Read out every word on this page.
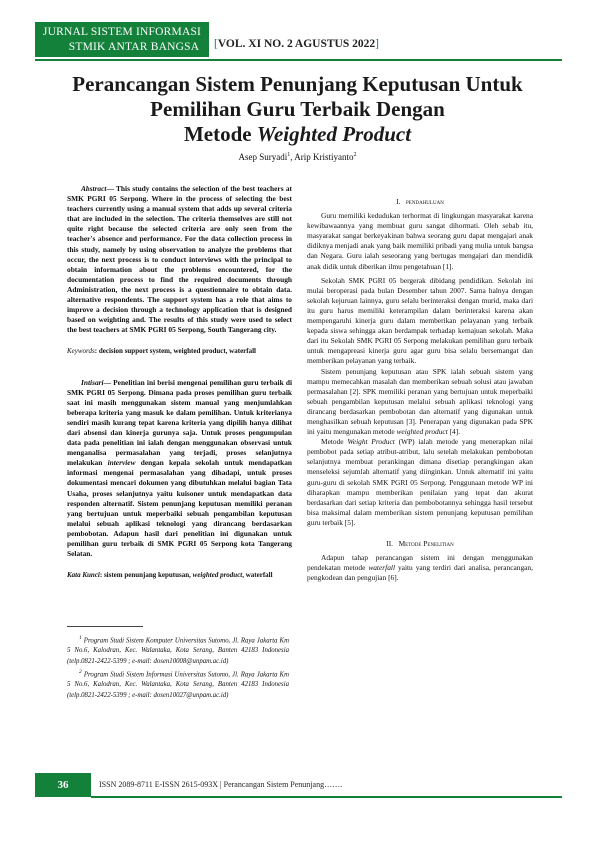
JURNAL SISTEM INFORMASI
STMIK ANTAR BANGSA	[VOL. XI NO. 2 AGUSTUS 2022]
Perancangan Sistem Penunjang Keputusan Untuk
Pemilihan Guru Terbaik Dengan
Metode Weighted Product
Asep Suryadi$^1$, Arip Kristiyanto$^2$

Abstract— This study contains the selection of the best teachers at SMK PGRI 05 Serpong. Where in the process of selecting the best teachers currently using a manual system that adds up several criteria that are included in the selection. The criteria themselves are still not quite right because the selected criteria are only seen from the teacher's absence and performance. For the data collection process in this study, namely by using observation to analyze the problems that occur, the next process is to conduct interviews with the principal to obtain information about the problems encountered, for the documentation process to find the required documents through Administration, the next process is a questionnaire to obtain data. alternative respondents. The support system has a role that aims to improve a decision through a technology application that is designed based on weighting and. The results of this study were used to select the best teachers at SMK PGRI 05 Serpong, South Tangerang city.

Keywords: decision support system, weighted product, waterfall

Intisari— Penelitian ini berisi mengenai pemilihan guru terbaik di SMK PGRI 05 Serpong. Dimana pada proses pemilihan guru terbaik saat ini masih menggunakan sistem manual yang menjumlahkan beberapa kriteria yang masuk ke dalam pemilihan. Untuk kriterianya sendiri masih kurang tepat karena kriteria yang dipilih hanya dilihat dari absensi dan kinerja gurunya saja. Untuk proses pengumpulan data pada penelitian ini ialah dengan menggunakan observasi untuk menganalisa permasalahan yang terjadi, proses selanjutnya melakukan interview dengan kepala sekolah untuk mendapatkan informasi mengenai permasalahan yang dihadapi, untuk proses dokumentasi mencari dokumen yang dibutuhkan melalui bagian Tata Usaha, proses selanjutnya yaitu kuisoner untuk mendapatkan data responden alternatif. Sistem penunjang keputusan memiliki peranan yang bertujuan untuk meperbaiki sebuah pengambilan keputusan melalui sebuah aplikasi teknologi yang dirancang berdasarkan pembobotan. Adapun hasil dari penelitian ini digunakan untuk pemilihan guru terbaik di SMK PGRI 05 Serpong kota Tangerang Selatan.

Kata Kunci: sistem penunjang keputusan, weighted product, waterfall

$^1$ Program Studi Sistem Komputer Universitas Sutomo, Jl. Raya Jakarta Km 5 No.6, Kalodran, Kec. Walantaka, Kota Serang, Banten 42183 Indonesia (telp.0821-2422-5399 ; e-mail: dosen10008@unpam.ac.id)

$^2$ Program Studi Sistem Informasi Universitas Sutomo, Jl. Raya Jakarta Km 5 No.6, Kalodran, Kec. Walantaka, Kota Serang, Banten 42183 Indonesia (telp.0821-2422-5399 ; e-mail: dosen10027@unpam.ac.id)

I. pendahuluan

Guru memiliki kedudukan terhormat di lingkungan masyarakat karena kewibawaannya yang membuat guru sangat dihormati. Oleh sebab itu, masyarakat sangat berkeyakinan bahwa seorang guru dapat mengajari anak didiknya menjadi anak yang baik memiliki pribadi yang mulia untuk bangsa dan Negara. Guru ialah seseorang yang bertugas mengajari dan mendidik anak didik untuk diberikan ilmu pengetahuan [1].

Sekolah SMK PGRI 05 bergerak dibidang pendidikan. Sekolah ini mulai beroperasi pada bulan Desember tahun 2007. Sama halnya dengan sekolah kejuruan lainnya, guru selalu berinteraksi dengan murid, maka dari itu guru harus memiliki keterampilan dalam berinteraksi karena akan mempengaruhi kinerja guru dalam memberikan pelayanan yang terbaik kepada siswa sehingga akan berdampak terhadap kemajuan sekolah. Maka dari itu Sekolah SMK PGRI 05 Serpong melakukan pemilihan guru terbaik untuk mengapreasi kinerja guru agar guru bisa selalu bersemangat dan memberikan pelayanan yang terbaik.

Sistem penunjang keputusan atau SPK ialah sebuah sistem yang mampu memecahkan masalah dan memberikan sebuah solusi atau jawaban permasalahan [2]. SPK memiliki peranan yang bertujuan untuk meperbaiki sebuah pengambilan keputusan melalui sebuah aplikasi teknologi yang dirancang berdasarkan pembobotan dan alternatif yang digunakan untuk menghasilkan sebuah keputusan [3]. Penerapan yang digunakan pada SPK ini yaitu mengunakan metode weighted product [4].

Metode Weight Product (WP) ialah metode yang menerapkan nilai pembobot pada setiap atribut-atribut, lalu setelah melakukan pembobotan selanjutnya membuat perankingan dimana disetiap perangkingan akan menseleksi sejumlah alternatif yang diinginkan. Untuk alternatif ini yaitu guru-guru di sekolah SMK PGRI 05 Serpong. Penggunaan metode WP ini diharapkan mampu memberikan penilaian yang tepat dan akurat berdasarkan dari setiap kriteria dan pembobotannya sehingga hasil tersebut bisa maksimal dalam memberikan sistem penunjang keputusan pemilihan guru terbaik [5].

II. Metode Penelitian

Adapun tahap perancangan sistem ini dengan menggunakan pendekatan metode waterfall yaitu yang terdiri dari analisa, perancangan, pengkodean dan pengujian [6].

36	ISSN 2089-8711 E-ISSN 2615-093X | Perancangan Sistem Penunjang…….
